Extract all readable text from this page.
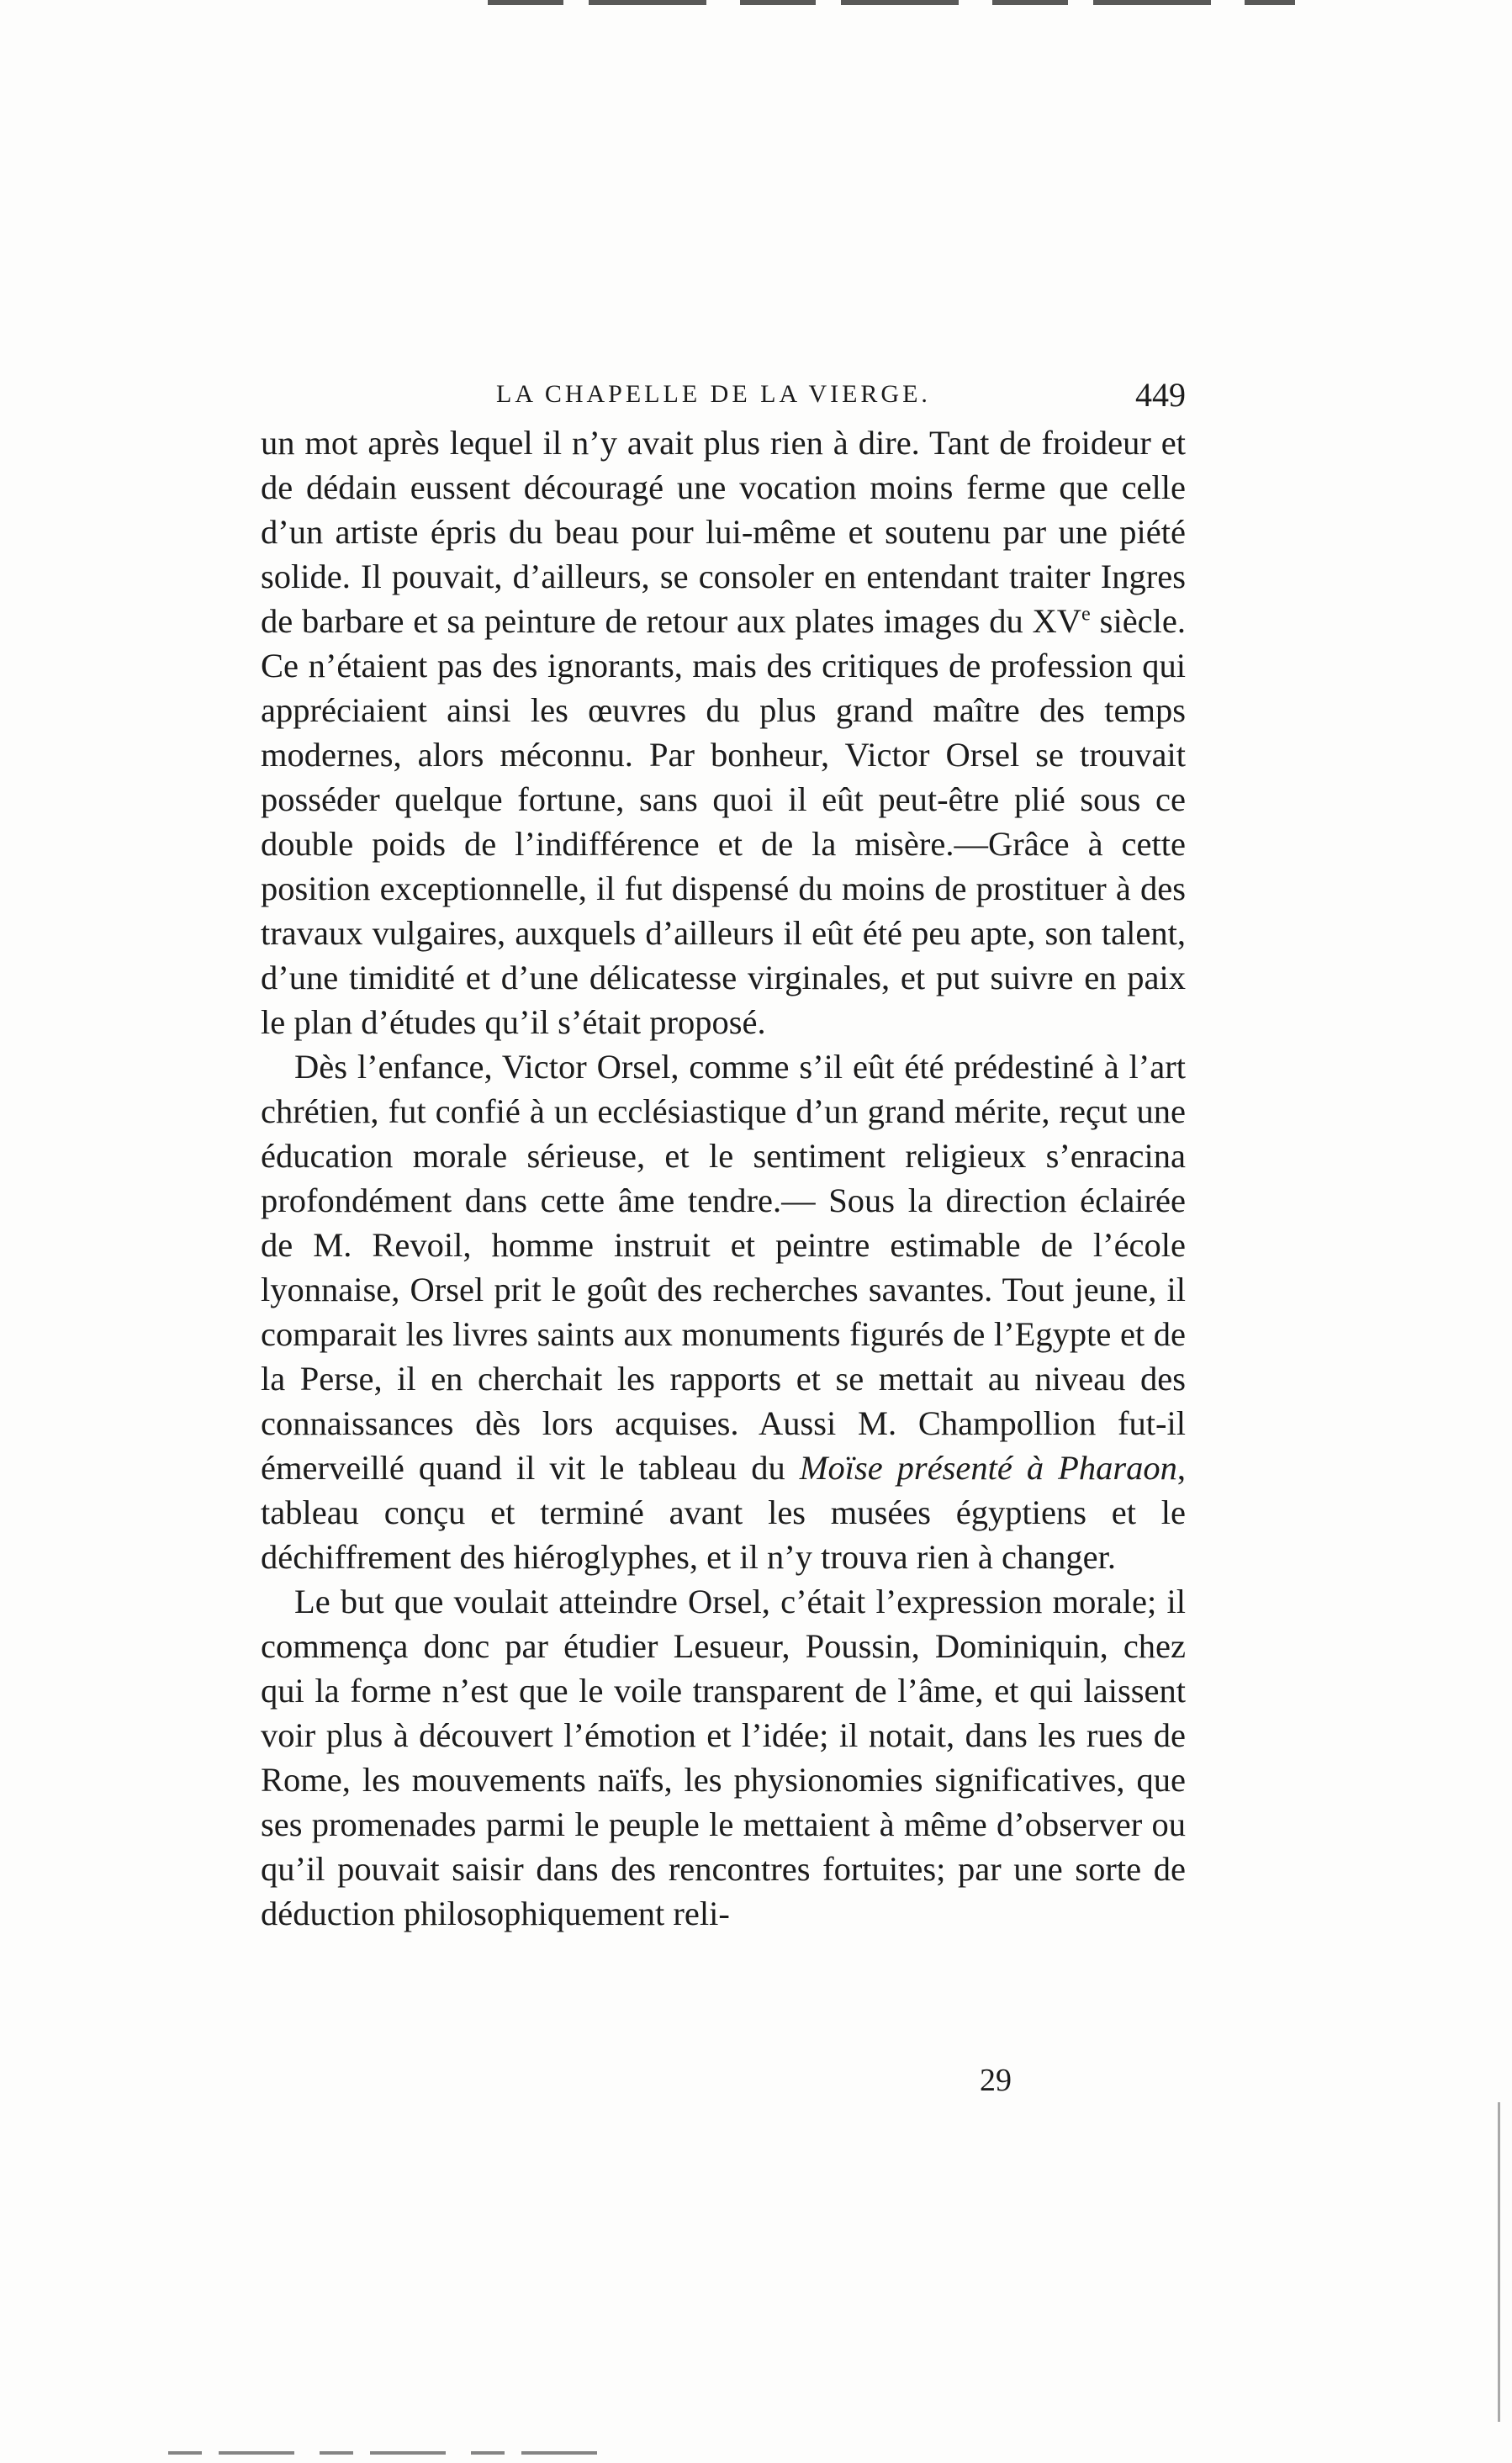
LA CHAPELLE DE LA VIERGE.	449

un mot après lequel il n’y avait plus rien à dire. Tant de froideur et de dédain eussent découragé une vocation moins ferme que celle d’un artiste épris du beau pour lui-même et soutenu par une piété solide. Il pouvait, d’ailleurs, se consoler en entendant traiter Ingres de barbare et sa peinture de retour aux plates images du XVe siècle. Ce n’étaient pas des ignorants, mais des critiques de profession qui appréciaient ainsi les œuvres du plus grand maître des temps modernes, alors méconnu. Par bonheur, Victor Orsel se trouvait posséder quelque fortune, sans quoi il eût peut-être plié sous ce double poids de l’indifférence et de la misère.—Grâce à cette position exceptionnelle, il fut dispensé du moins de prostituer à des travaux vulgaires, auxquels d’ailleurs il eût été peu apte, son talent, d’une timidité et d’une délicatesse virginales, et put suivre en paix le plan d’études qu’il s’était proposé.

Dès l’enfance, Victor Orsel, comme s’il eût été prédestiné à l’art chrétien, fut confié à un ecclésiastique d’un grand mérite, reçut une éducation morale sérieuse, et le sentiment religieux s’enracina profondément dans cette âme tendre.— Sous la direction éclairée de M. Revoil, homme instruit et peintre estimable de l’école lyonnaise, Orsel prit le goût des recherches savantes. Tout jeune, il comparait les livres saints aux monuments figurés de l’Egypte et de la Perse, il en cherchait les rapports et se mettait au niveau des connaissances dès lors acquises. Aussi M. Champollion fut-il émerveillé quand il vit le tableau du Moïse présenté à Pharaon, tableau conçu et terminé avant les musées égyptiens et le déchiffrement des hiéroglyphes, et il n’y trouva rien à changer.

Le but que voulait atteindre Orsel, c’était l’expression morale; il commença donc par étudier Lesueur, Poussin, Dominiquin, chez qui la forme n’est que le voile transparent de l’âme, et qui laissent voir plus à découvert l’émotion et l’idée; il notait, dans les rues de Rome, les mouvements naïfs, les physionomies significatives, que ses promenades parmi le peuple le mettaient à même d’observer ou qu’il pouvait saisir dans des rencontres fortuites; par une sorte de déduction philosophiquement reli-

29
